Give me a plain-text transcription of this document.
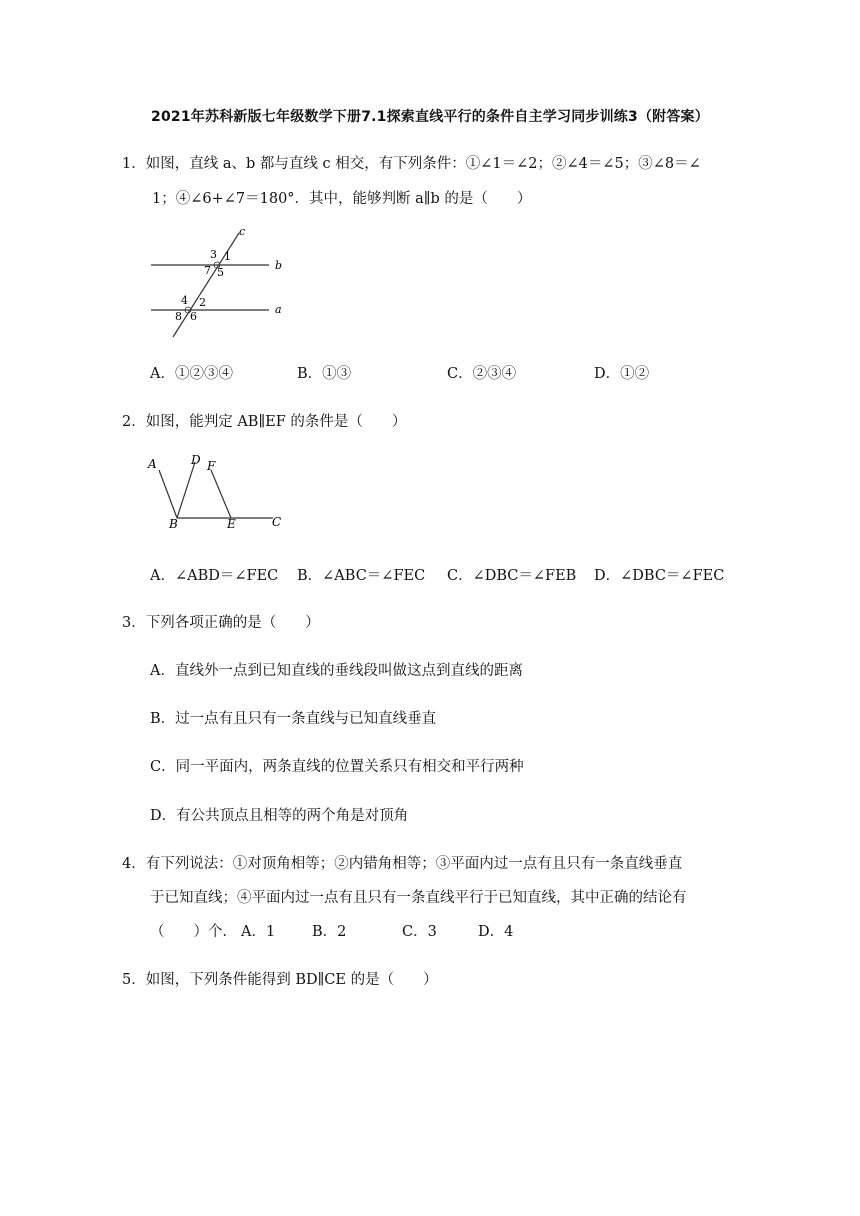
2021年苏科新版七年级数学下册7.1探索直线平行的条件自主学习同步训练3（附答案）
1．如图，直线 a、b 都与直线 c 相交，有下列条件：①∠1＝∠2；②∠4＝∠5；③∠8＝∠
1；④∠6+∠7＝180°．其中，能够判断 a∥b 的是（　　）
c
b
a
3 1
7 5
4 2
8 6
A．①②③④	B．①③	C．②③④	D．①②
2．如图，能判定 AB∥EF 的条件是（　　）
A	D F
B	E	C
A．∠ABD＝∠FEC B．∠ABC＝∠FEC C．∠DBC＝∠FEB D．∠DBC＝∠FEC
3．下列各项正确的是（　　）
A．直线外一点到已知直线的垂线段叫做这点到直线的距离
B．过一点有且只有一条直线与已知直线垂直
C．同一平面内，两条直线的位置关系只有相交和平行两种
D．有公共顶点且相等的两个角是对顶角
4．有下列说法：①对顶角相等；②内错角相等；③平面内过一点有且只有一条直线垂直
于已知直线；④平面内过一点有且只有一条直线平行于已知直线，其中正确的结论有
（　　）个． A．1	B．2	C．3	D．4
5．如图，下列条件能得到 BD∥CE 的是（　　）
